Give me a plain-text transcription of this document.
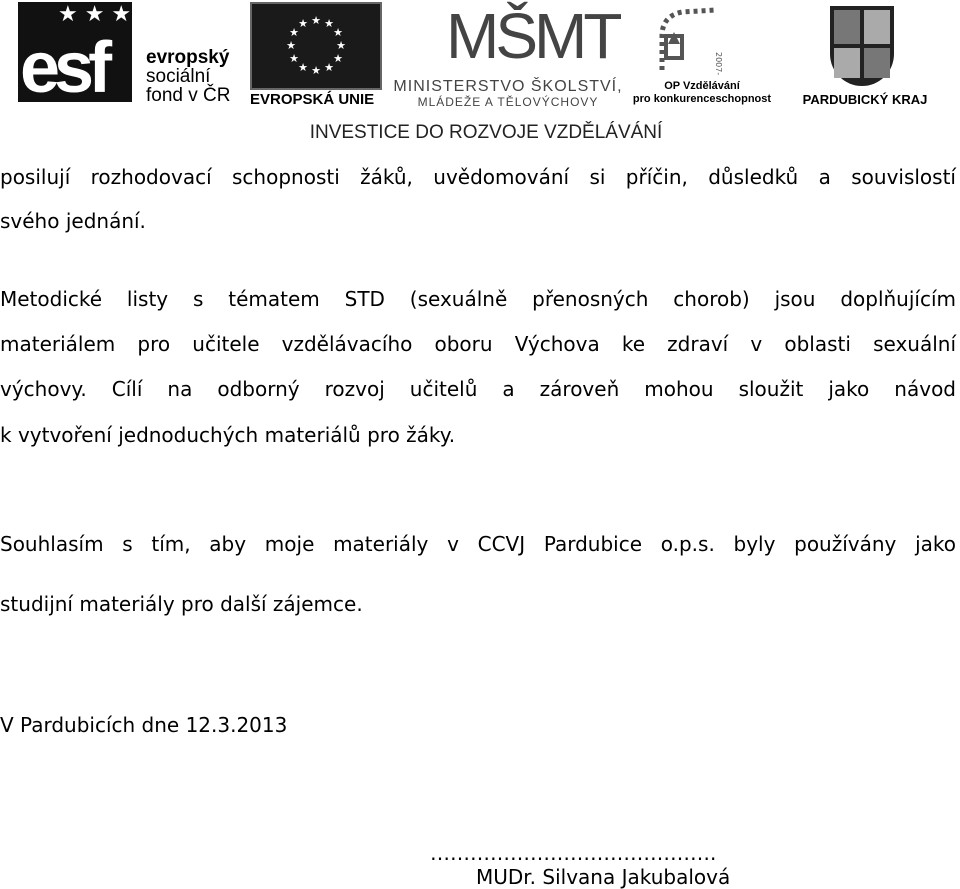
★ ★ ★
esf evropský
sociální
fond v ČR
★ ★
★
★
★
★
★
★
★
★
★
★
EVROPSKÁ UNIE
MŠMT
MINISTERSTVO ŠKOLSTVÍ,
MLÁDEŽE A TĚLOVÝCHOVY
2007-13
OP Vzdělávání
pro konkurenceschopnost	PARDUBICKÝ KRAJ
INVESTICE DO ROZVOJE VZDĚLÁVÁNÍ
posilují rozhodovací schopnosti žáků, uvědomování si příčin, důsledků a souvislostí
svého jednání.
Metodické listy s tématem STD (sexuálně přenosných chorob) jsou doplňujícím
materiálem pro učitele vzdělávacího oboru Výchova ke zdraví v oblasti sexuální
výchovy. Cílí na odborný rozvoj učitelů a zároveň mohou sloužit jako návod
k vytvoření jednoduchých materiálů pro žáky.
Souhlasím s tím, aby moje materiály v CCVJ Pardubice o.p.s. byly používány jako
studijní materiály pro další zájemce.
V Pardubicích dne 12.3.2013
…………………………………….
MUDr. Silvana Jakubalová
